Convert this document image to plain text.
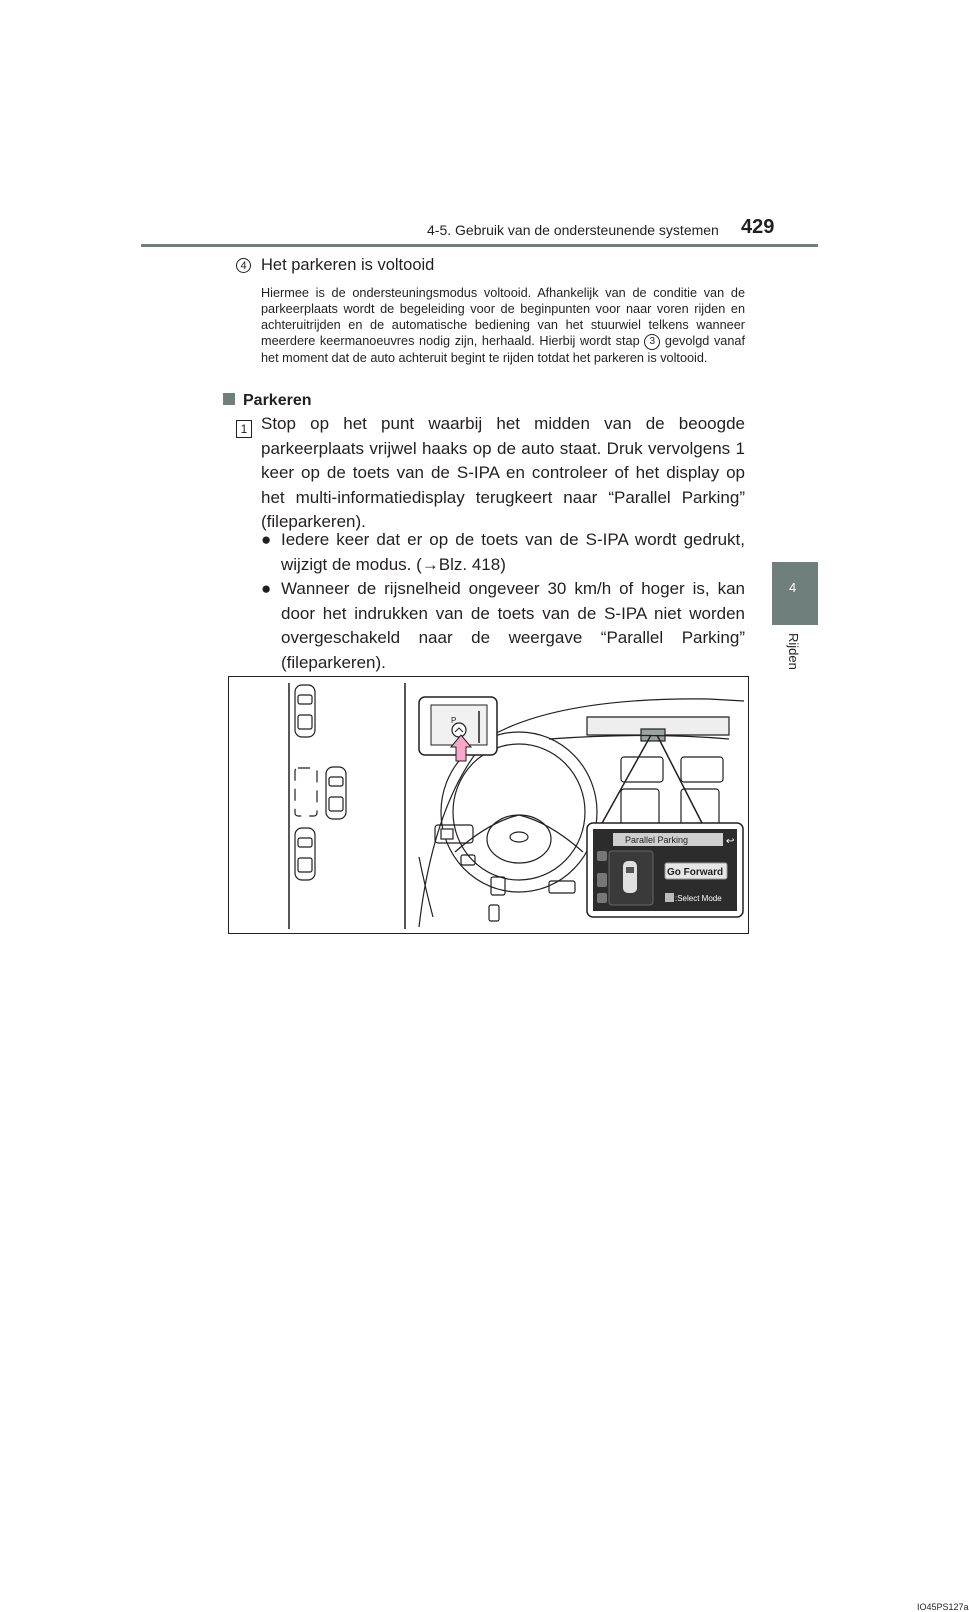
4-5. Gebruik van de ondersteunende systemen 429
4
Rijden
4 Het parkeren is voltooid

Hiermee is de ondersteuningsmodus voltooid. Afhankelijk van de conditie van de parkeerplaats wordt de begeleiding voor de beginpunten voor naar voren rijden en achteruitrijden en de automatische bediening van het stuurwiel telkens wanneer meerdere keermanoeuvres nodig zijn, herhaald. Hierbij wordt stap 3 gevolgd vanaf het moment dat de auto achteruit begint te rijden totdat het parkeren is voltooid.

Parkeren
1 Stop op het punt waarbij het midden van de beoogde parkeerplaats vrijwel haaks op de auto staat. Druk vervolgens 1 keer op de toets van de S-IPA en controleer of het display op het multi-informatiedisplay terugkeert naar “Parallel Parking” (fileparkeren).

● Iedere keer dat er op de toets van de S-IPA wordt gedrukt, wijzigt de modus. (→Blz. 418)
● Wanneer de rijsnelheid ongeveer 30 km/h of hoger is, kan door het indrukken van de toets van de S-IPA niet worden overgeschakeld naar de weergave “Parallel Parking” (fileparkeren).
P
Parallel Parking	↩
Go Forward
:Select Mode
IO45PS127a
